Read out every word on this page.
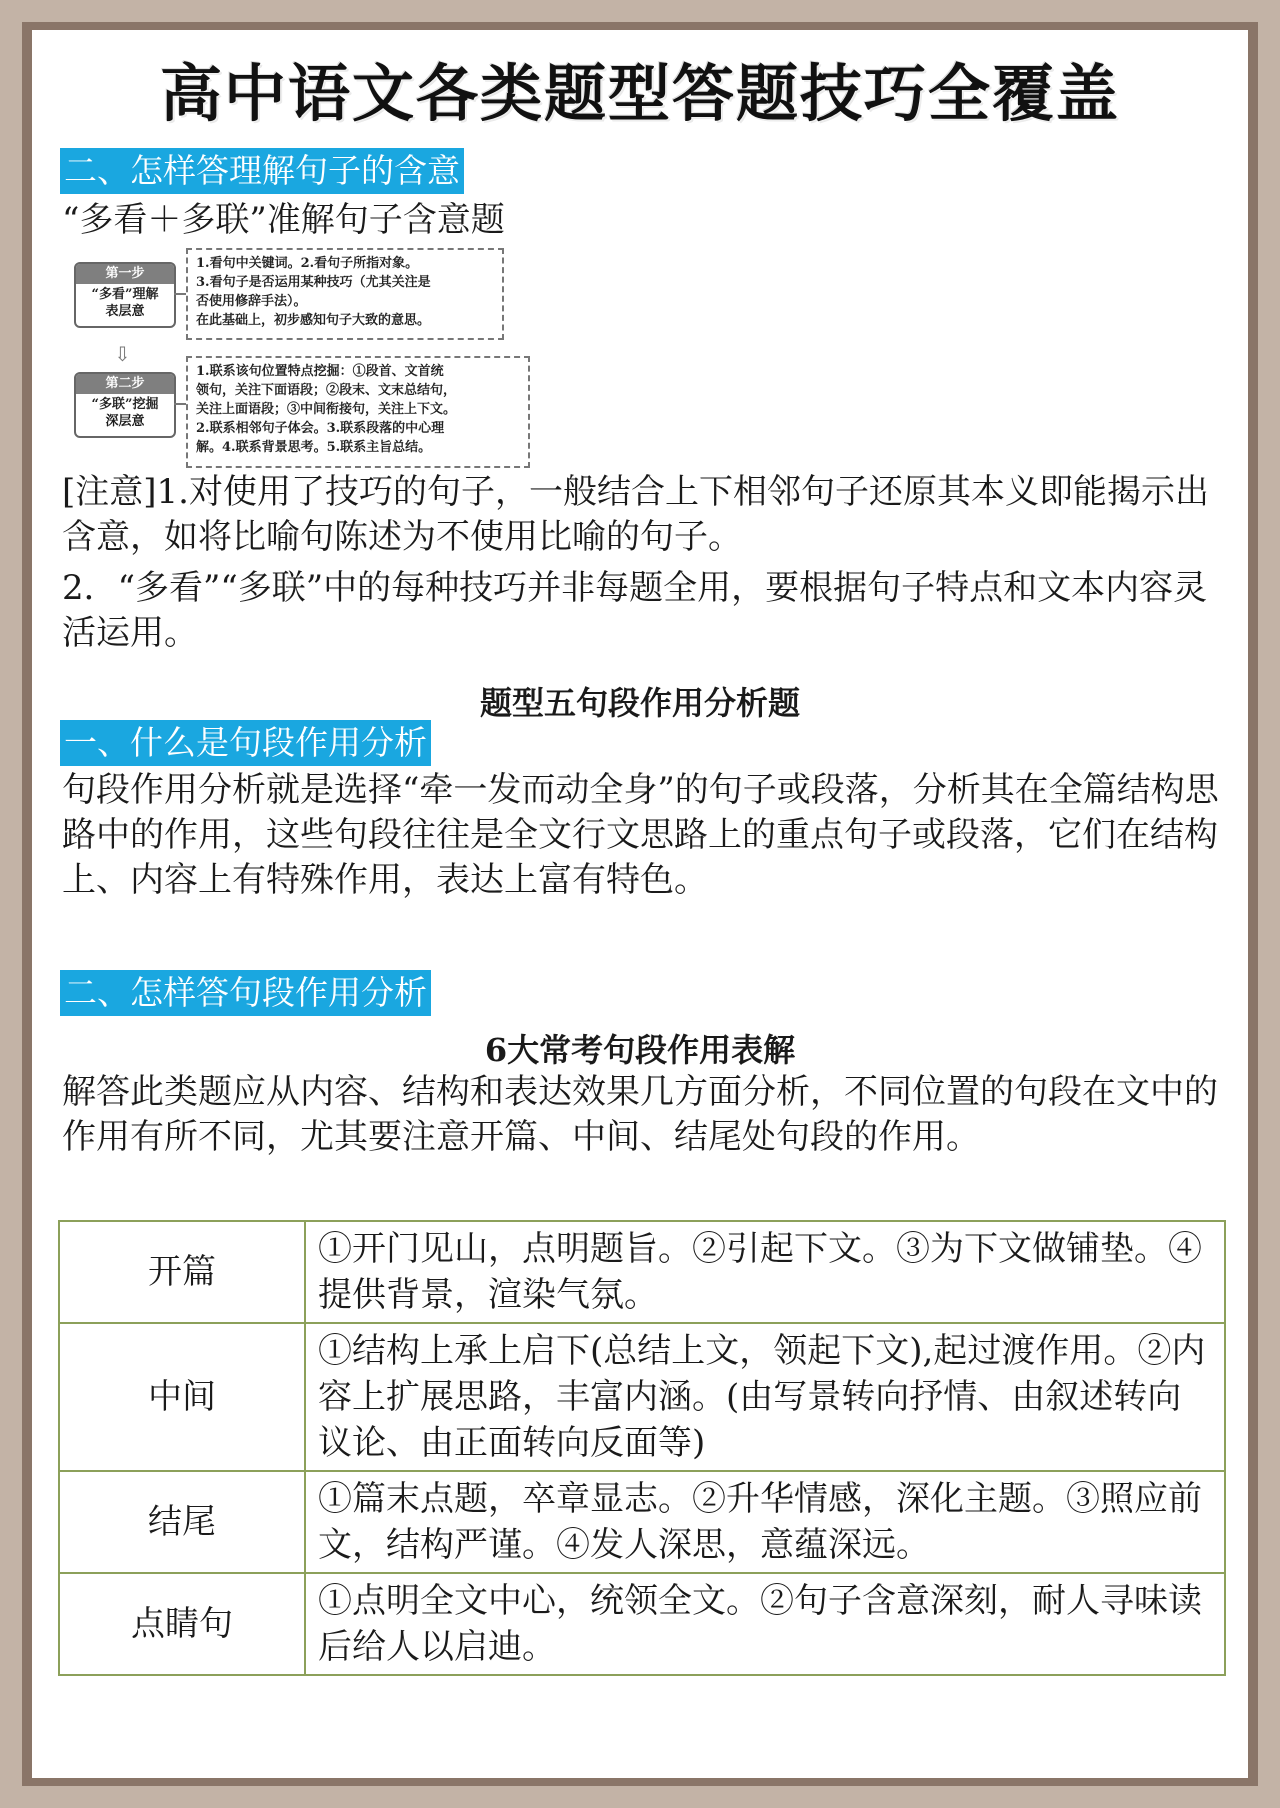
高中语文各类题型答题技巧全覆盖
二、怎样答理解句子的含意
“多看＋多联”准解句子含意题
第一步
“多看”理解
表层意
1.看句中关键词。2.看句子所指对象。
3.看句子是否运用某种技巧（尤其关注是
否使用修辞手法）。
在此基础上，初步感知句子大致的意思。
⇩
第二步
“多联”挖掘
深层意
1.联系该句位置特点挖掘：①段首、文首统
领句，关注下面语段；②段末、文末总结句，
关注上面语段；③中间衔接句，关注上下文。
2.联系相邻句子体会。3.联系段落的中心理
解。4.联系背景思考。5.联系主旨总结。
[注意]1.对使用了技巧的句子，一般结合上下相邻句子还原其本义即能揭示出含意，如将比喻句陈述为不使用比喻的句子。
2．“多看”“多联”中的每种技巧并非每题全用，要根据句子特点和文本内容灵活运用。
题型五句段作用分析题
一、什么是句段作用分析
句段作用分析就是选择“牵一发而动全身”的句子或段落，分析其在全篇结构思路中的作用，这些句段往往是全文行文思路上的重点句子或段落，它们在结构上、内容上有特殊作用，表达上富有特色。
二、怎样答句段作用分析
6大常考句段作用表解
解答此类题应从内容、结构和表达效果几方面分析，不同位置的句段在文中的作用有所不同，尤其要注意开篇、中间、结尾处句段的作用。
开篇	①开门见山，点明题旨。②引起下文。③为下文做铺垫。④提供背景，渲染气氛。
中间	①结构上承上启下(总结上文，领起下文),起过渡作用。②内容上扩展思路，丰富内涵。(由写景转向抒情、由叙述转向议论、由正面转向反面等)
结尾	①篇末点题，卒章显志。②升华情感，深化主题。③照应前文，结构严谨。④发人深思，意蕴深远。
点睛句	①点明全文中心，统领全文。②句子含意深刻，耐人寻味读后给人以启迪。
